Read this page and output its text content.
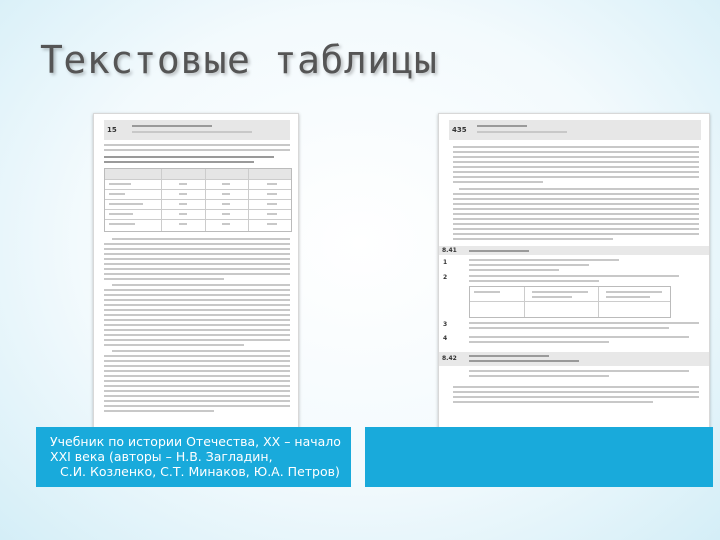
Текстовые таблицы
15	435
8.41
1
2
3
4
8.42
Учебник по истории Отечества, XX – начало
XXI века (авторы – Н.В. Загладин,
С.И. Козленко, С.Т. Минаков, Ю.А. Петров)
